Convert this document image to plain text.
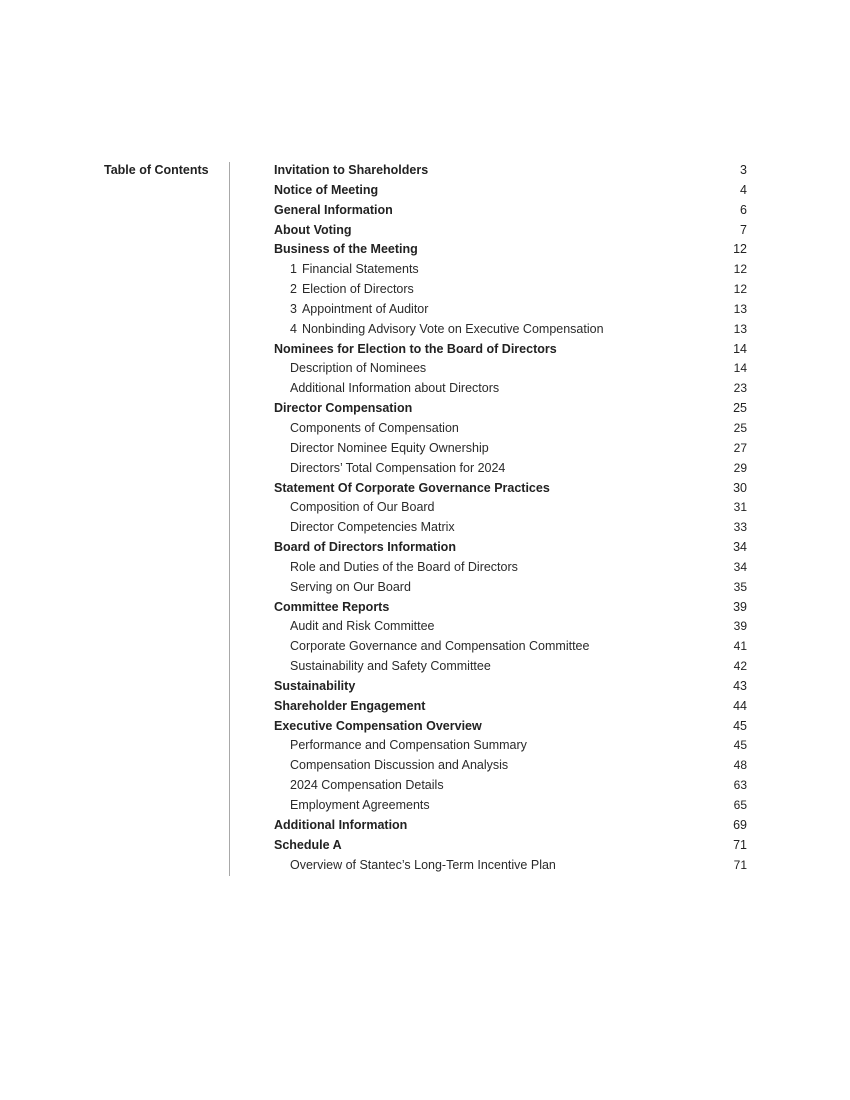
Table of Contents	Invitation to Shareholders	3
Notice of Meeting	4
General Information	6
About Voting	7
Business of the Meeting	12
1 Financial Statements	12
2 Election of Directors	12
3 Appointment of Auditor	13
4 Nonbinding Advisory Vote on Executive Compensation	13
Nominees for Election to the Board of Directors	14
Description of Nominees	14
Additional Information about Directors	23
Director Compensation	25
Components of Compensation	25
Director Nominee Equity Ownership	27
Directors’ Total Compensation for 2024	29
Statement Of Corporate Governance Practices	30
Composition of Our Board	31
Director Competencies Matrix	33
Board of Directors Information	34
Role and Duties of the Board of Directors	34
Serving on Our Board	35
Committee Reports	39
Audit and Risk Committee	39
Corporate Governance and Compensation Committee	41
Sustainability and Safety Committee	42
Sustainability	43
Shareholder Engagement	44
Executive Compensation Overview	45
Performance and Compensation Summary	45
Compensation Discussion and Analysis	48
2024 Compensation Details	63
Employment Agreements	65
Additional Information	69
Schedule A	71
Overview of Stantec’s Long-Term Incentive Plan	71
